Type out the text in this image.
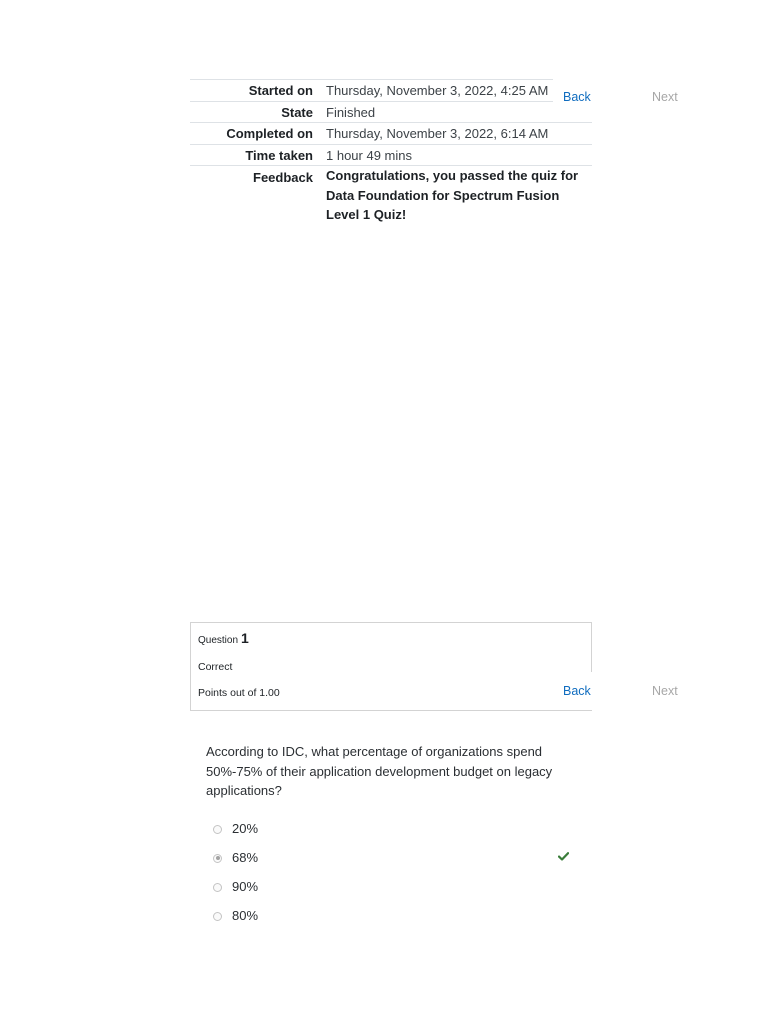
Started on	Thursday, November 3, 2022, 4:25 AM
State	Finished
Completed on	Thursday, November 3, 2022, 6:14 AM
Time taken	1 hour 49 mins
Feedback	Congratulations, you passed the quiz for Data Foundation for Spectrum Fusion Level 1 Quiz!
Back	Next
Question 1
Correct
Points out of 1.00	Back	Next
According to IDC, what percentage of organizations spend 50%-75% of their application development budget on legacy applications?
20%
68%
90%
80%
